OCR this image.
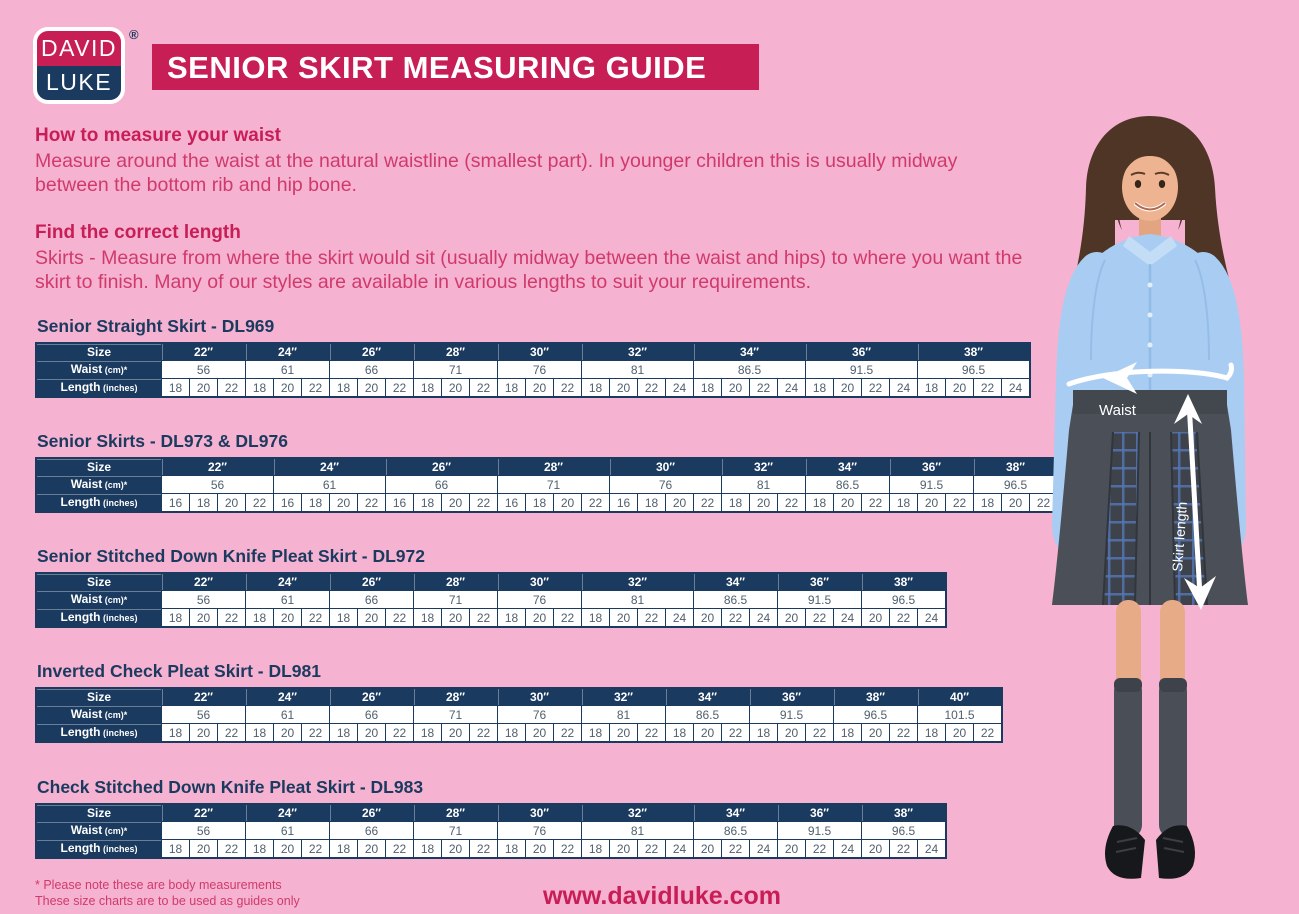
DAVID
LUKE
®
SENIOR SKIRT MEASURING GUIDE
How to measure your waist
Measure around the waist at the natural waistline (smallest part). In younger children this is usually midway between the bottom rib and hip bone.
Find the correct length
Skirts - Measure from where the skirt would sit (usually midway between the waist and hips) to where you want the skirt to finish. Many of our styles are available in various lengths to suit your requirements.
Senior Straight Skirt - DL969
Size	22″			24″			26″			28″			30″			32″				34″				36″				38″			
Waist (cm)*	56			61			66			71			76			81				86.5				91.5				96.5			
Length (inches)	18	20	22	18	20	22	18	20	22	18	20	22	18	20	22	18	20	22	24	18	20	22	24	18	20	22	24	18	20	22	24
Senior Skirts - DL973 & DL976
Size	22″				24″				26″				28″				30″				32″			34″			36″			38″		
Waist (cm)*	56				61				66				71				76				81			86.5			91.5			96.5		
Length (inches)	16	18	20	22	16	18	20	22	16	18	20	22	16	18	20	22	16	18	20	22	18	20	22	18	20	22	18	20	22	18	20	22
Senior Stitched Down Knife Pleat Skirt - DL972
Size	22″			24″			26″			28″			30″			32″				34″			36″			38″		
Waist (cm)*	56			61			66			71			76			81				86.5			91.5			96.5		
Length (inches)	18	20	22	18	20	22	18	20	22	18	20	22	18	20	22	18	20	22	24	20	22	24	20	22	24	20	22	24
Inverted Check Pleat Skirt - DL981
Size	22″			24″			26″			28″			30″			32″			34″			36″			38″			40″		
Waist (cm)*	56			61			66			71			76			81			86.5			91.5			96.5			101.5		
Length (inches)	18	20	22	18	20	22	18	20	22	18	20	22	18	20	22	18	20	22	18	20	22	18	20	22	18	20	22	18	20	22
Check Stitched Down Knife Pleat Skirt - DL983
Size	22″			24″			26″			28″			30″			32″				34″			36″			38″		
Waist (cm)*	56			61			66			71			76			81				86.5			91.5			96.5		
Length (inches)	18	20	22	18	20	22	18	20	22	18	20	22	18	20	22	18	20	22	24	20	22	24	20	22	24	20	22	24
* Please note these are body measurements
These size charts are to be used as guides only	www.davidluke.com
Waist
Skirt length
